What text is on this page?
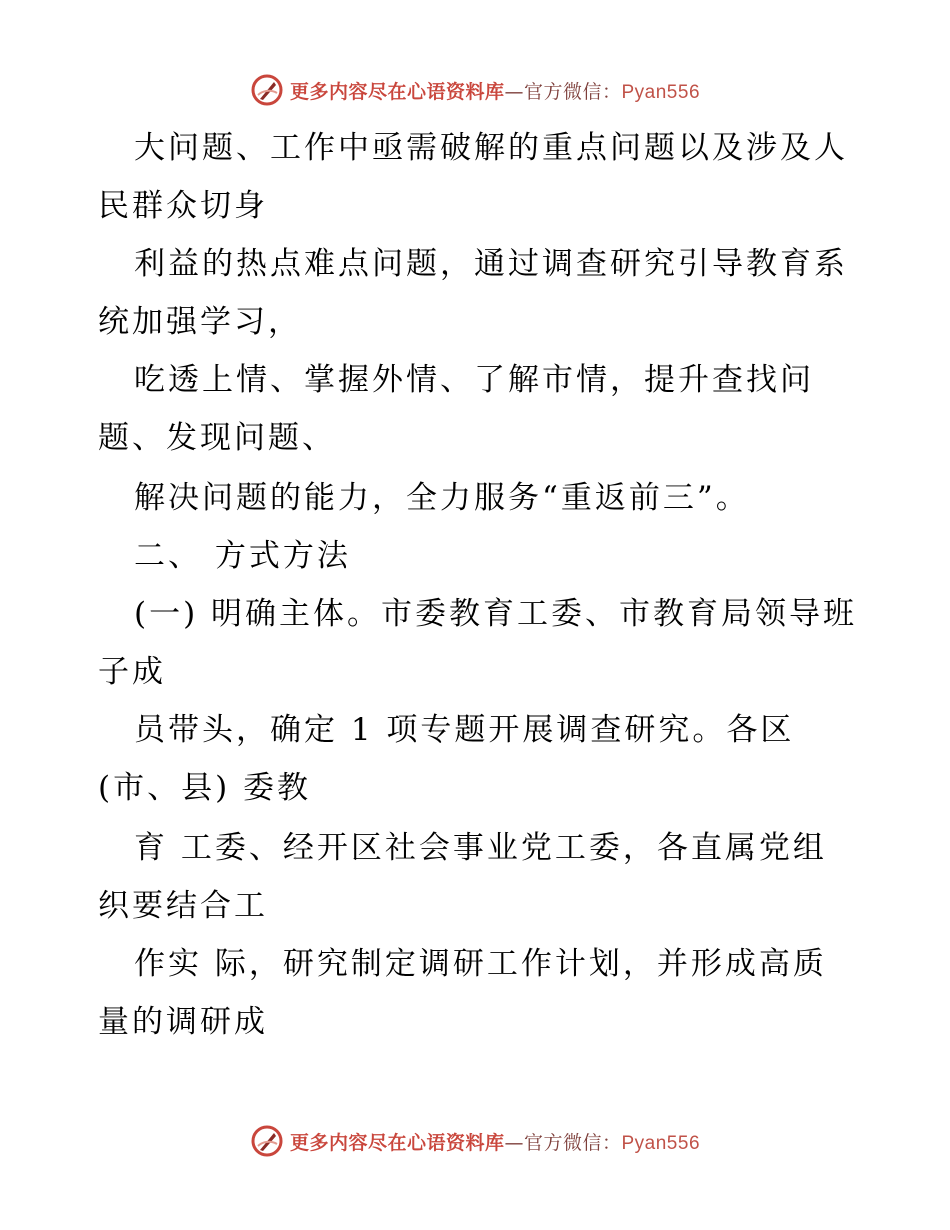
更多内容尽在心语资料库—官方微信：Pyan556
大问题、工作中亟需破解的重点问题以及涉及人
民群众切身
利益的热点难点问题，通过调查研究引导教育系
统加强学习，
吃透上情、掌握外情、了解市情，提升查找问
题、发现问题、
解决问题的能力，全力服务“重返前三”。
二、 方式方法
(一) 明确主体。市委教育工委、市教育局领导班
子成
员带头，确定 1 项专题开展调查研究。各区
(市、县) 委教
育 工委、经开区社会事业党工委，各直属党组
织要结合工
作实 际，研究制定调研工作计划，并形成高质
量的调研成
更多内容尽在心语资料库—官方微信：Pyan556
